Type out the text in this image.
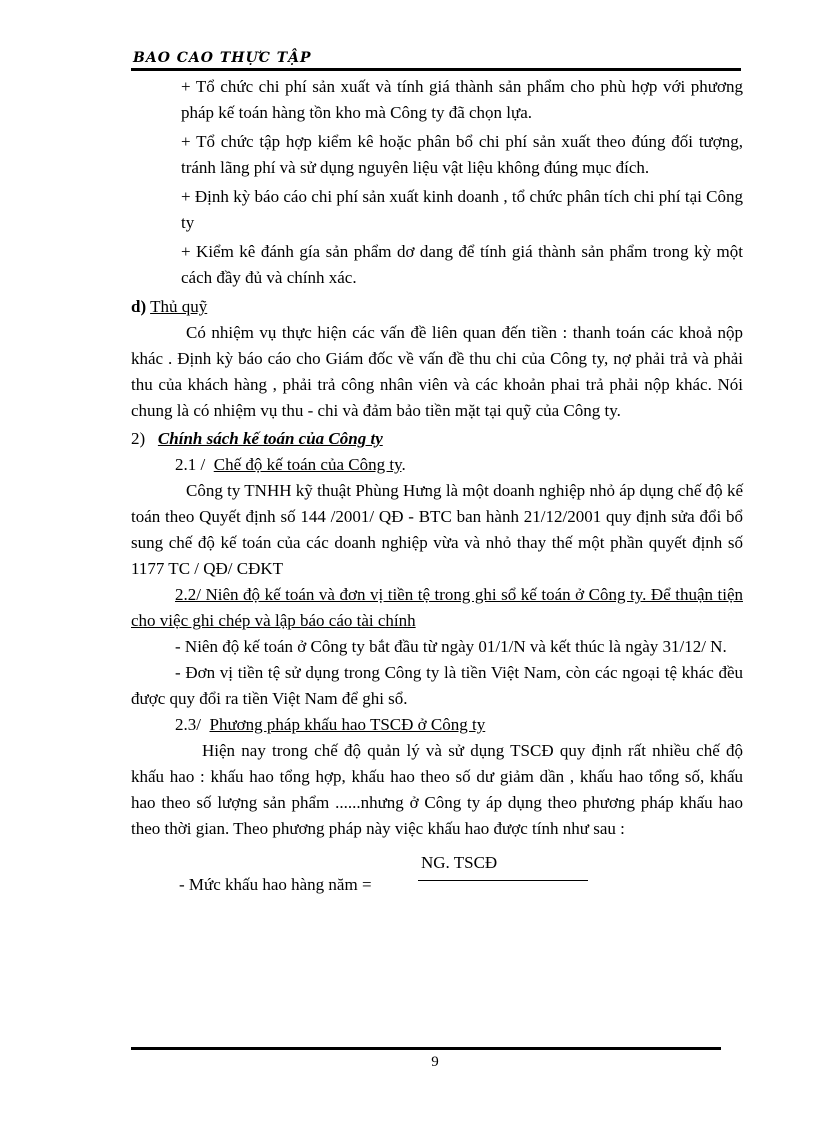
BAO CAO THỰC TẬP

+ Tổ chức chi phí sản xuất và tính giá thành sản phẩm cho phù hợp với phương pháp kế toán hàng tồn kho mà Công ty đã chọn lựa.

+ Tổ chức tập hợp kiểm kê hoặc phân bổ chi phí sản xuất theo đúng đối tượng, tránh lãng phí và sử dụng nguyên liệu vật liệu không đúng mục đích.

+ Định kỳ báo cáo chi phí sản xuất kinh doanh , tổ chức phân tích chi phí tại Công ty

+ Kiểm kê đánh gía sản phẩm dơ dang để tính giá thành sản phẩm trong kỳ một cách đầy đủ và chính xác.

d) Thủ quỹ

Có nhiệm vụ thực hiện các vấn đề liên quan đến tiền : thanh toán các khoả nộp khác . Định kỳ báo cáo cho Giám đốc về vấn đề thu chi của Công ty, nợ phải trả và phải thu của khách hàng , phải trả công nhân viên và các khoản phai trả phải nộp khác. Nói chung là có nhiệm vụ thu - chi và đảm bảo tiền mặt tại quỹ của Công ty.

2) Chính sách kế toán của Công ty

2.1 / Chế độ kế toán của Công ty.

Công ty TNHH kỹ thuật Phùng Hưng là một doanh nghiệp nhỏ áp dụng chế độ kế toán theo Quyết định số 144 /2001/ QĐ - BTC ban hành 21/12/2001 quy định sửa đổi bổ sung chế độ kế toán của các doanh nghiệp vừa và nhỏ thay thế một phần quyết định số 1177 TC / QĐ/ CĐKT

2.2/ Niên độ kế toán và đơn vị tiền tệ trong ghi sổ kế toán ở Công ty. Để thuận tiện cho việc ghi chép và lập báo cáo tài chính

- Niên độ kế toán ở Công ty bắt đầu từ ngày 01/1/N và kết thúc là ngày 31/12/ N.

- Đơn vị tiền tệ sử dụng trong Công ty là tiền Việt Nam, còn các ngoại tệ khác đều được quy đổi ra tiền Việt Nam để ghi sổ.

2.3/ Phương pháp khấu hao TSCĐ ở Công ty

Hiện nay trong chế độ quản lý và sử dụng TSCĐ quy định rất nhiều chế độ khấu hao : khấu hao tổng hợp, khấu hao theo số dư giảm dần , khấu hao tổng số, khấu hao theo số lượng sản phẩm ......nhưng ở Công ty áp dụng theo phương pháp khấu hao theo thời gian. Theo phương pháp này việc khấu hao được tính như sau :

NG. TSCĐ
- Mức khấu hao hàng năm =
9
